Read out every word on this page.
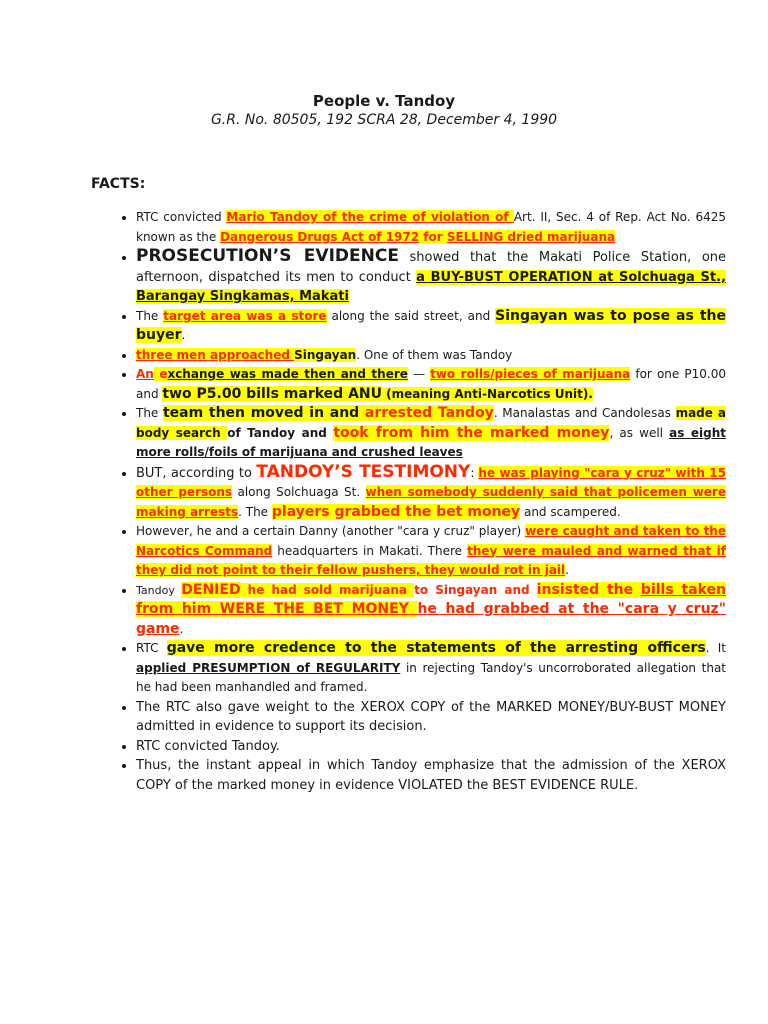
People v. Tandoy
G.R. No. 80505, 192 SCRA 28, December 4, 1990
FACTS:
• RTC convicted Mario Tandoy of the crime of violation of Art. II, Sec. 4 of Rep. Act No. 6425 known as the Dangerous Drugs Act of 1972 for SELLING dried marijuana
• PROSECUTION’S EVIDENCE showed that the Makati Police Station, one afternoon, dispatched its men to conduct a BUY-BUST OPERATION at Solchuaga St., Barangay Singkamas, Makati
• The target area was a store along the said street, and Singayan was to pose as the buyer.
• three men approached Singayan. One of them was Tandoy
• An exchange was made then and there — two rolls/pieces of marijuana for one P10.00 and two P5.00 bills marked ANU (meaning Anti-Narcotics Unit).
• The team then moved in and arrested Tandoy. Manalastas and Candolesas made a body search of Tandoy and took from him the marked money, as well as eight more rolls/foils of marijuana and crushed leaves
• BUT, according to TANDOY’S TESTIMONY: he was playing "cara y cruz" with 15 other persons along Solchuaga St. when somebody suddenly said that policemen were making arrests. The players grabbed the bet money and scampered.
• However, he and a certain Danny (another "cara y cruz" player) were caught and taken to the Narcotics Command headquarters in Makati. There they were mauled and warned that if they did not point to their fellow pushers, they would rot in jail.
• Tandoy DENIED he had sold marijuana to Singayan and insisted the bills taken from him WERE THE BET MONEY he had grabbed at the "cara y cruz" game.
• RTC gave more credence to the statements of the arresting officers. It applied PRESUMPTION of REGULARITY in rejecting Tandoy's uncorroborated allegation that he had been manhandled and framed.
• The RTC also gave weight to the XEROX COPY of the MARKED MONEY/BUY-BUST MONEY admitted in evidence to support its decision.
• RTC convicted Tandoy.
• Thus, the instant appeal in which Tandoy emphasize that the admission of the XEROX COPY of the marked money in evidence VIOLATED the BEST EVIDENCE RULE.
